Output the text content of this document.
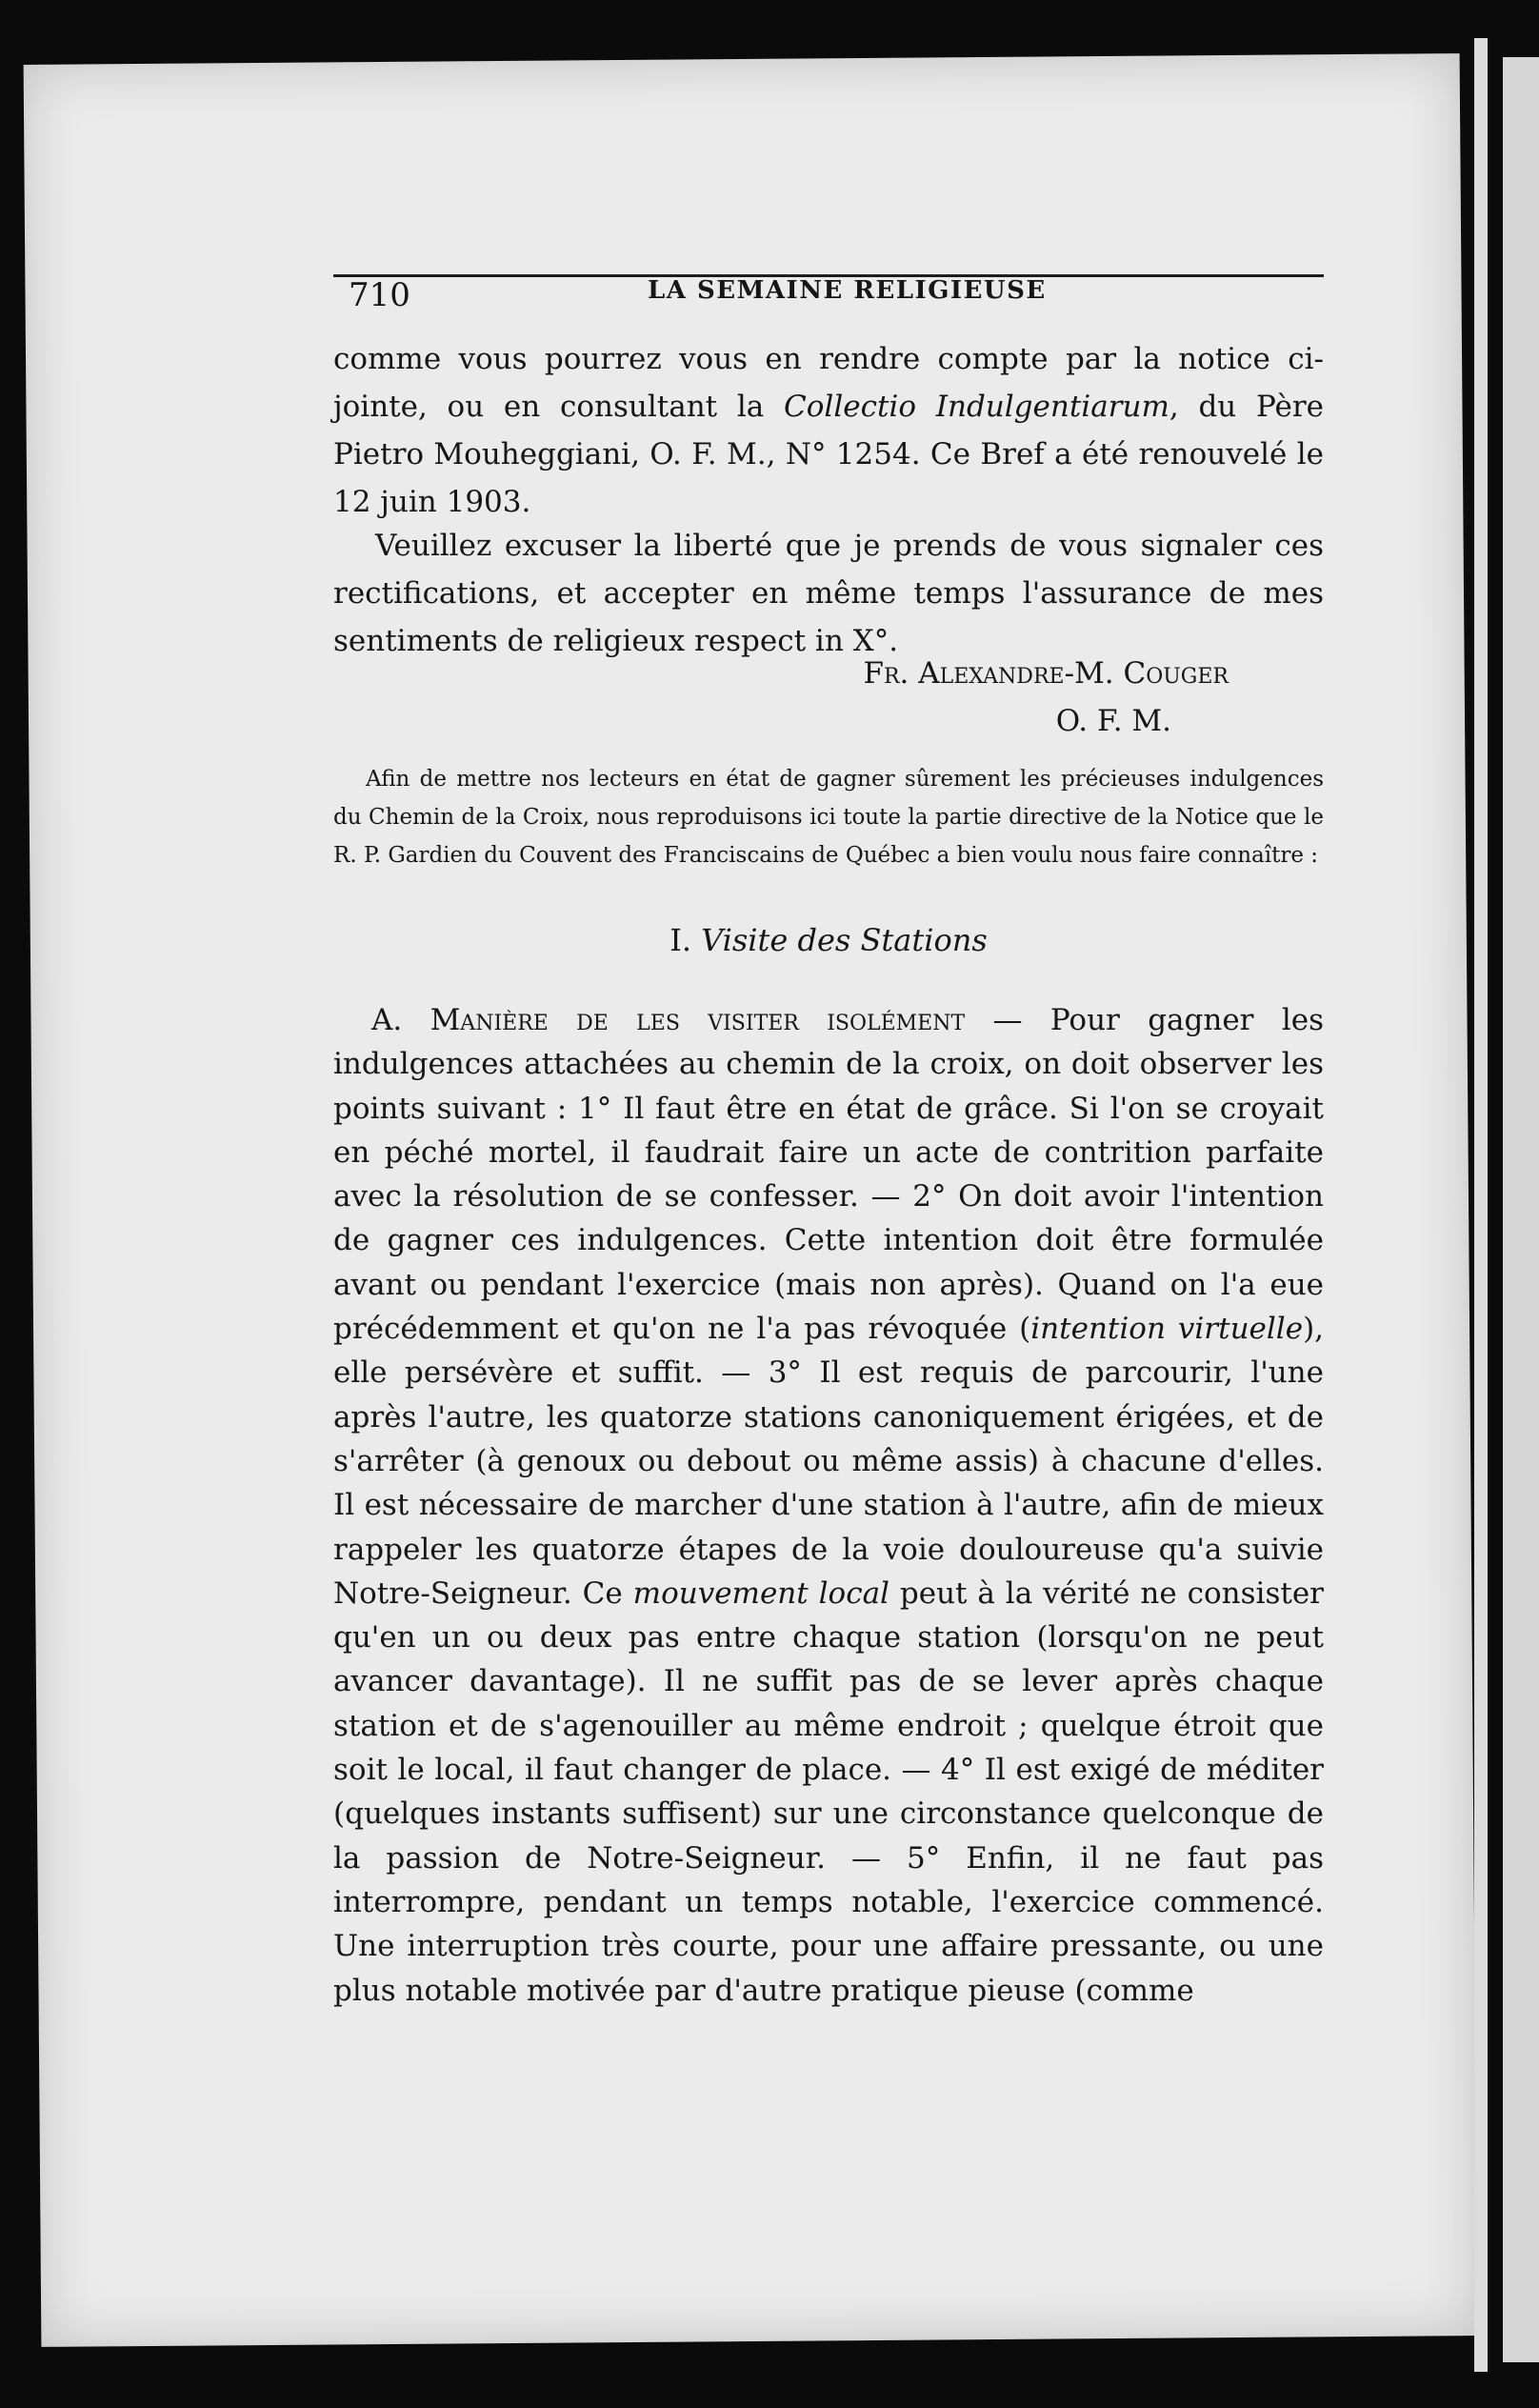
710	LA SEMAINE RELIGIEUSE

comme vous pourrez vous en rendre compte par la notice ci-jointe, ou en consultant la Collectio Indulgentiarum, du Père Pietro Mouheggiani, O. F. M., N° 1254. Ce Bref a été renouvelé le 12 juin 1903.

Veuillez excuser la liberté que je prends de vous signaler ces rectifications, et accepter en même temps l'assurance de mes sentiments de religieux respect in X°.

Fr. Alexandre-M. Couger
O. F. M.

Afin de mettre nos lecteurs en état de gagner sûrement les précieuses indulgences du Chemin de la Croix, nous reproduisons ici toute la partie directive de la Notice que le R. P. Gardien du Couvent des Franciscains de Québec a bien voulu nous faire connaître :

I. Visite des Stations

A. Manière de les visiter isolément — Pour gagner les indulgences attachées au chemin de la croix, on doit observer les points suivant : 1° Il faut être en état de grâce. Si l'on se croyait en péché mortel, il faudrait faire un acte de contrition parfaite avec la résolution de se confesser. — 2° On doit avoir l'intention de gagner ces indulgences. Cette intention doit être formulée avant ou pendant l'exercice (mais non après). Quand on l'a eue précédemment et qu'on ne l'a pas révoquée (intention virtuelle), elle persévère et suffit. — 3° Il est requis de parcourir, l'une après l'autre, les quatorze stations canoniquement érigées, et de s'arrêter (à genoux ou debout ou même assis) à chacune d'elles. Il est nécessaire de marcher d'une station à l'autre, afin de mieux rappeler les quatorze étapes de la voie douloureuse qu'a suivie Notre-Seigneur. Ce mouvement local peut à la vérité ne consister qu'en un ou deux pas entre chaque station (lorsqu'on ne peut avancer davantage). Il ne suffit pas de se lever après chaque station et de s'agenouiller au même endroit ; quelque étroit que soit le local, il faut changer de place. — 4° Il est exigé de méditer (quelques instants suffisent) sur une circonstance quelconque de la passion de Notre-Seigneur. — 5° Enfin, il ne faut pas interrompre, pendant un temps notable, l'exercice commencé. Une interruption très courte, pour une affaire pressante, ou une plus notable motivée par d'autre pratique pieuse (comme
